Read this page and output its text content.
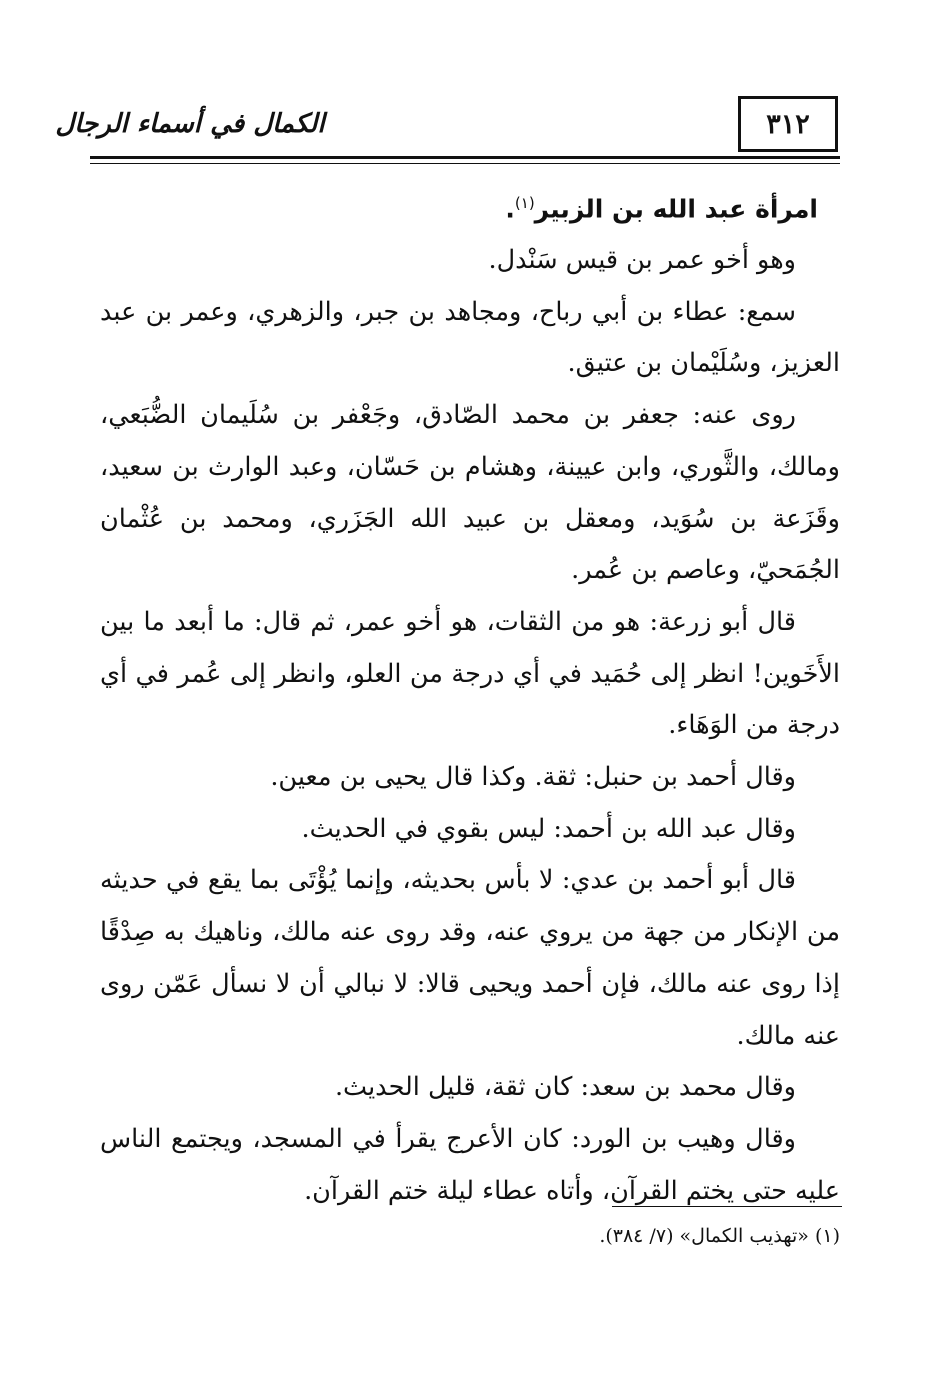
٣١٢
الكمال في أسماء الرجال

امرأة عبد الله بن الزبير$^{(١)}$.

وهو أخو عمر بن قيس سَنْدل.

سمع: عطاء بن أبي رباح، ومجاهد بن جبر، والزهري، وعمر بن عبد العزيز، وسُلَيْمان بن عتيق.

روى عنه: جعفر بن محمد الصّادق، وجَعْفر بن سُلَيمان الضُّبَعي، ومالك، والثَّوري، وابن عيينة، وهشام بن حَسّان، وعبد الوارث بن سعيد، وقَزَعة بن سُوَيد، ومعقل بن عبيد الله الجَزَري، ومحمد بن عُثْمان الجُمَحيّ، وعاصم بن عُمر.

قال أبو زرعة: هو من الثقات، هو أخو عمر، ثم قال: ما أبعد ما بين الأَخَوين! انظر إلى حُمَيد في أي درجة من العلو، وانظر إلى عُمر في أي درجة من الوَهَاء.

وقال أحمد بن حنبل: ثقة. وكذا قال يحيى بن معين.

وقال عبد الله بن أحمد: ليس بقوي في الحديث.

قال أبو أحمد بن عدي: لا بأس بحديثه، وإنما يُؤْتَى بما يقع في حديثه من الإنكار من جهة من يروي عنه، وقد روى عنه مالك، وناهيك به صِدْقًا إذا روى عنه مالك، فإن أحمد ويحيى قالا: لا نبالي أن لا نسأل عَمّن روى عنه مالك.

وقال محمد بن سعد: كان ثقة، قليل الحديث.

وقال وهيب بن الورد: كان الأعرج يقرأ في المسجد، ويجتمع الناس عليه حتى يختم القرآن، وأتاه عطاء ليلة ختم القرآن.

(١) «تهذيب الكمال» (٧/ ٣٨٤).
